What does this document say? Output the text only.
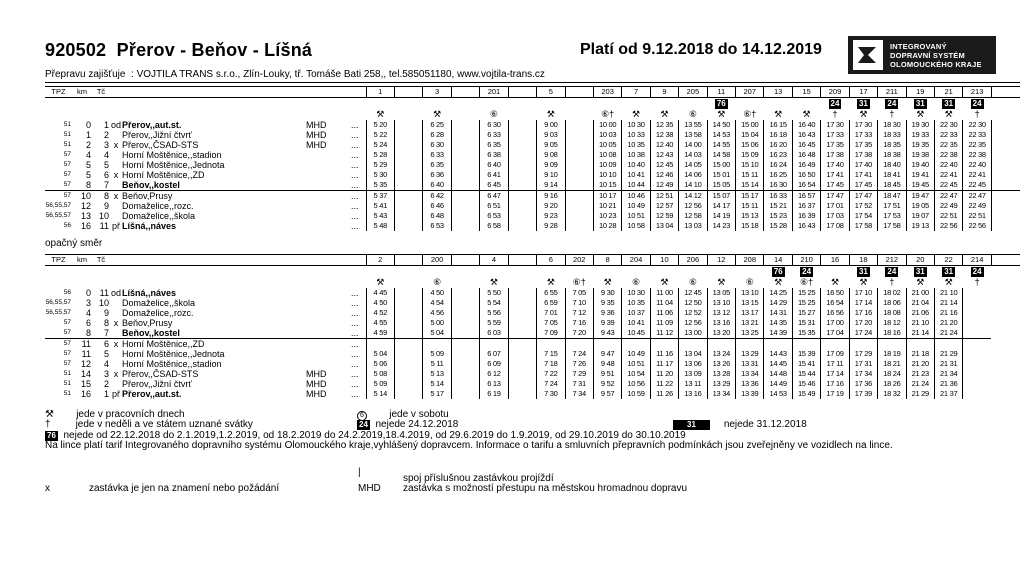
920502 Přerov - Beňov - Líšná	Platí od 9.12.2018 do 14.12.2019	INTEGROVANÝ
DOPRAVNÍ SYSTÉM
OLOMOUCKÉHO KRAJE
Přepravu zajišťuje : VOJTILA TRANS s.r.o., Zlín-Louky, tř. Tomáše Bati 258,, tel.585051180, www.vojtila-trans.cz
TPZ	km	Tč					1		3		201		5		203	7	9	205	11	207	13	15	209	17	211	19	21	213	
																			76				24	31	24	31	31	24	
							⚒		⚒		⑥		⚒		⑥†	⚒	⚒	⑥	⚒	⑥†	⚒	⚒	†	⚒	†	⚒	⚒	†	
51	0	1	od	Přerov,,aut.st.	MHD	...	5 20		6 25		6 30		9 00		10 00	10 30	12 35	13 55	14 50	15 00	16 15	16 40	17 30	17 30	18 30	19 30	22 30	22 30	
51	1	2		Přerov,,Jižní čtvrť	MHD	...	5 22		6 28		6 33		9 03		10 03	10 33	12 38	13 58	14 53	15 04	16 18	16 43	17 33	17 33	18 33	19 33	22 33	22 33	
51	2	3	x	Přerov,,ČSAD-STS	MHD	...	5 24		6 30		6 35		9 05		10 05	10 35	12 40	14 00	14 55	15 06	16 20	16 45	17 35	17 35	18 35	19 35	22 35	22 35	
57	4	4		Horní Moštěnice,,stadion		...	5 28		6 33		6 38		9 08		10 08	10 38	12 43	14 03	14 58	15 09	16 23	16 48	17 38	17 38	18 38	19 38	22 38	22 38	
57	5	5		Horní Moštěnice,,Jednota		...	5 29		6 35		6 40		9 09		10 09	10 40	12 45	14 05	15 00	15 10	16 24	16 49	17 40	17 40	18 40	19 40	22 40	22 40	
57	5	6	x	Horní Moštěnice,,ZD		...	5 30		6 36		6 41		9 10		10 10	10 41	12 46	14 06	15 01	15 11	16 25	16 50	17 41	17 41	18 41	19 41	22 41	22 41	
57	8	7		Beňov,,kostel		...	5 35		6 40		6 45		9 14		10 15	10 44	12 49	14 10	15 05	15 14	16 30	16 54	17 45	17 45	18 45	19 45	22 45	22 45	
57	10	8	x	Beňov,Prusy		...	5 37		6 42		6 47		9 16		10 17	10 46	12 51	14 12	15 07	15 17	16 33	16 57	17 47	17 47	18 47	19 47	22 47	22 47	
56,55,57	12	9		Domaželice,,rozc.		...	5 41		6 46		6 51		9 20		10 21	10 49	12 57	12 56	14 17	15 11	15 21	16 37	17 01	17 52	17 51	19 05	22 49	22 49	
56,55,57	13	10		Domaželice,,škola		...	5 43		6 48		6 53		9 23		10 23	10 51	12 59	12 58	14 19	15 13	15 23	16 39	17 03	17 54	17 53	19 07	22 51	22 51	
56	16	11	př	Líšná,,náves		...	5 48		6 53		6 58		9 28		10 28	10 58	13 04	13 03	14 23	15 18	15 28	16 43	17 08	17 58	17 58	19 13	22 56	22 56	
opačný směr
TPZ	km	Tč					2		200		4		6	202	8	204	10	206	12	208	14	210	16	18	212	20	22	214	
																					76	24		31	24	31	31	24	
							⚒		⑥		⚒		⚒	⑥†	⚒	⑥	⚒	⑥	⚒	⑥	⚒	⑥†	⚒	⚒	†	⚒	⚒	†	
56	0	11	od	Líšná,,náves		...	4 45		4 50		5 50		6 55	7 05	9 30	10 30	11 00	12 45	13 05	13 10	14 25	15 25	16 50	17 10	18 02	21 00	21 10		
56,55,57	3	10		Domaželice,,škola		...	4 50		4 54		5 54		6 59	7 10	9 35	10 35	11 04	12 50	13 10	13 15	14 29	15 25	16 54	17 14	18 06	21 04	21 14		
56,55,57	4	9		Domaželice,,rozc.		...	4 52		4 56		5 56		7 01	7 12	9 36	10 37	11 06	12 52	13 12	13 17	14 31	15 27	16 56	17 16	18 08	21 06	21 16		
57	6	8	x	Beňov,Prusy		...	4 55		5 00		5 59		7 05	7 16	9 39	10 41	11 09	12 56	13 16	13 21	14 35	15 31	17 00	17 20	18 12	21 10	21 20		
57	8	7		Beňov,,kostel		...	4 59		5 04		6 03		7 09	7 20	9 43	10 45	11 12	13 00	13 20	13 25	14 39	15 35	17 04	17 24	18 16	21 14	21 24		
57	11	6	x	Horní Moštěnice,,ZD		...																							
57	11	5		Horní Moštěnice,,Jednota		...	5 04		5 09		6 07		7 15	7 24	9 47	10 49	11 16	13 04	13 24	13 29	14 43	15 39	17 09	17 29	18 19	21 18	21 29		
57	12	4		Horní Moštěnice,,stadion		...	5 06		5 11		6 09		7 18	7 26	9 48	10 51	11 17	13 06	13 26	13 31	14 45	15 41	17 11	17 31	18 21	21 20	21 31		
51	14	3	x	Přerov,,ČSAD-STS	MHD	...	5 08		5 13		6 12		7 22	7 29	9 51	10 54	11 20	13 09	13 28	13 34	14 48	15 44	17 14	17 34	18 24	21 23	21 34		
51	15	2		Přerov,,Jižní čtvrť	MHD	...	5 09		5 14		6 13		7 24	7 31	9 52	10 56	11 22	13 11	13 29	13 36	14 49	15 46	17 16	17 36	18 26	21 24	21 36		
51	16	1	př	Přerov,,aut.st.	MHD	...	5 14		5 17		6 19		7 30	7 34	9 57	10 59	11 26	13 16	13 34	13 39	14 53	15 49	17 19	17 39	18 32	21 29	21 37		
⚒ jede v pracovních dnech
†	jede v neděli a ve státem uznané svátky
76 nejede od 22.12.2018 do 2.1.2019,1.2.2019, od 18.2.2019 do 24.2.2019,18.4.2019, od 29.6.2019 do 1.9.2019, od 29.10.2019 do 30.10.2019
6	jede v sobotu
24 nejede 24.12.2018	31	nejede 31.12.2018
Na lince platí tarif Integrovaného dopravního systému Olomouckého kraje,vyhlášený dopravcem. Informace o tarifu a smluvních přepravních podmínkách jsou zveřejněny ve vozidlech na lince.
|
spoj příslušnou zastávkou projíždí
x	zastávka je jen na znamení nebo požádání	MHD zastávka s možností přestupu na městskou hromadnou dopravu
